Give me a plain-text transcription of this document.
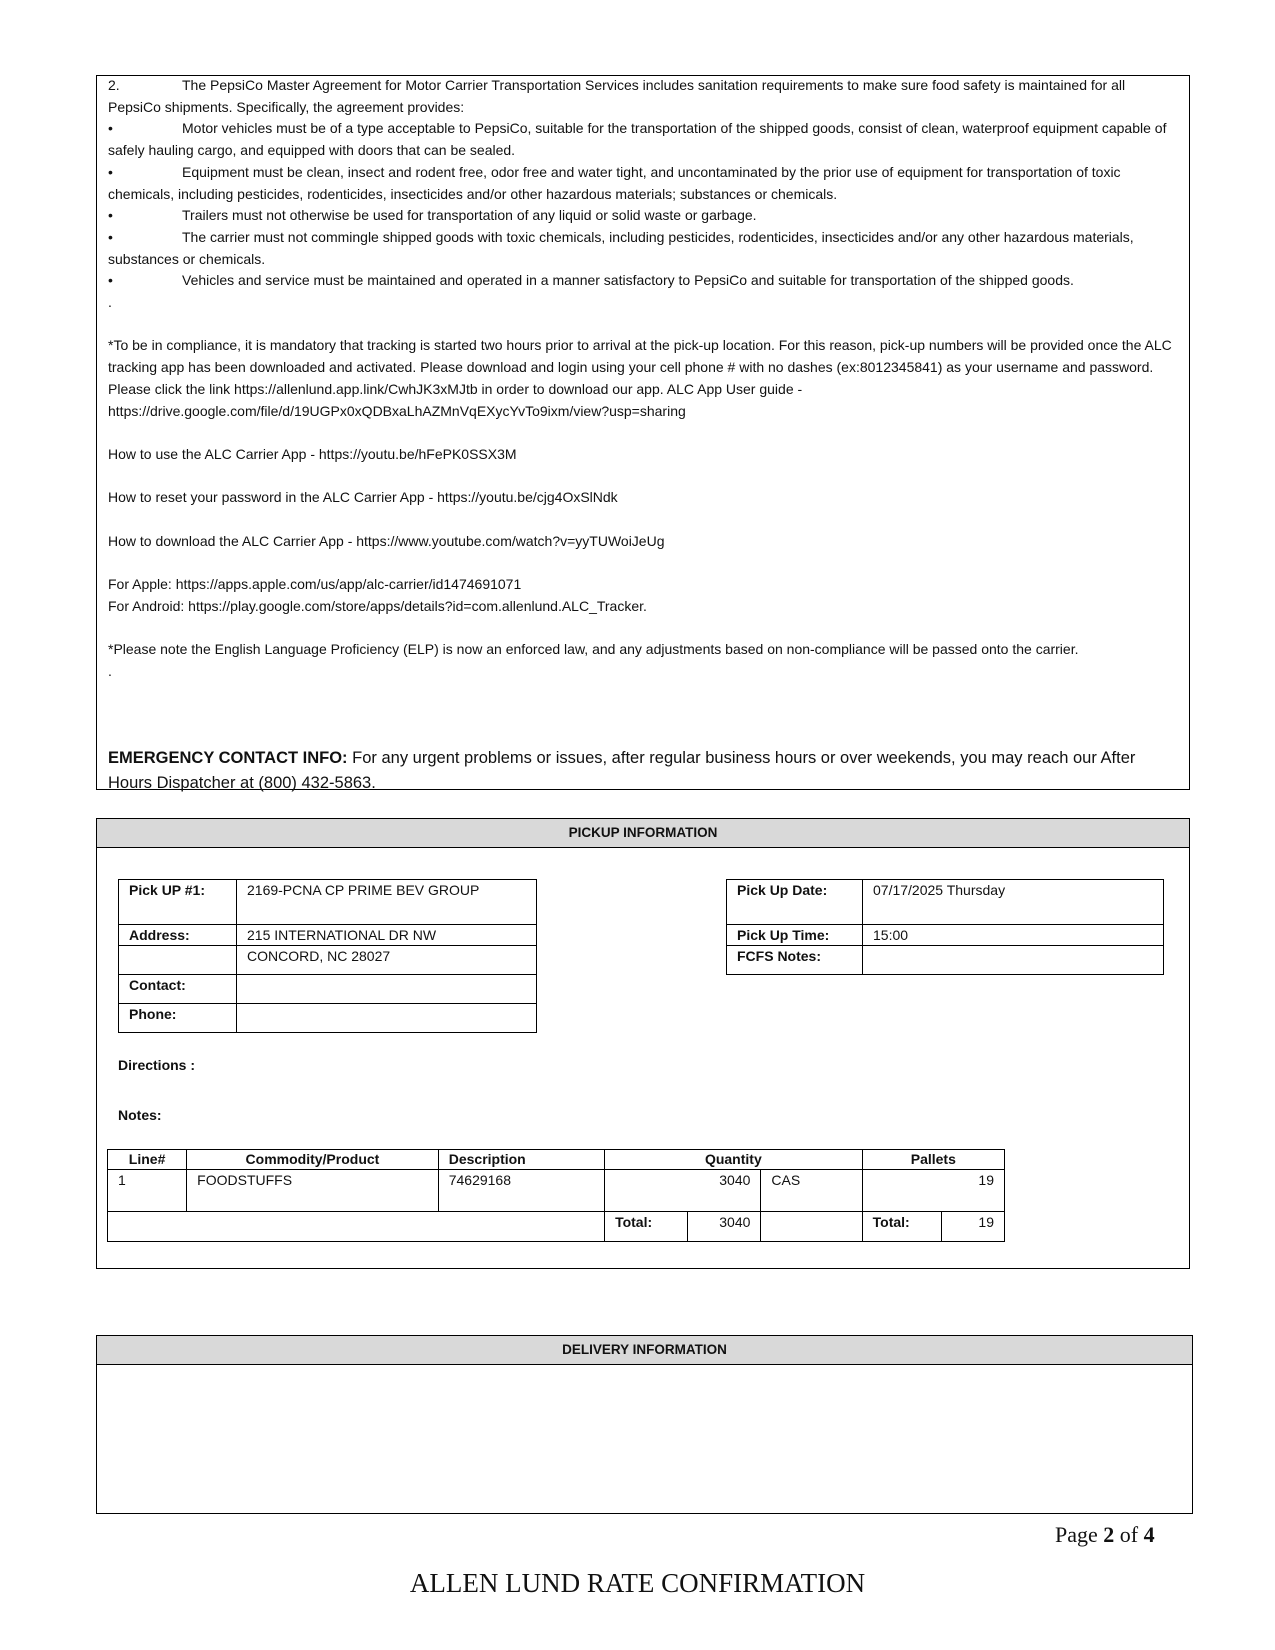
2.	The PepsiCo Master Agreement for Motor Carrier Transportation Services includes sanitation requirements to make sure food safety is maintained for all PepsiCo shipments. Specifically, the agreement provides:

•	Motor vehicles must be of a type acceptable to PepsiCo, suitable for the transportation of the shipped goods, consist of clean, waterproof equipment capable of safely hauling cargo, and equipped with doors that can be sealed.

•	Equipment must be clean, insect and rodent free, odor free and water tight, and uncontaminated by the prior use of equipment for transportation of toxic chemicals, including pesticides, rodenticides, insecticides and/or other hazardous materials; substances or chemicals.

•	Trailers must not otherwise be used for transportation of any liquid or solid waste or garbage.

•	The carrier must not commingle shipped goods with toxic chemicals, including pesticides, rodenticides, insecticides and/or any other hazardous materials, substances or chemicals.

•	Vehicles and service must be maintained and operated in a manner satisfactory to PepsiCo and suitable for transportation of the shipped goods.

.

*To be in compliance, it is mandatory that tracking is started two hours prior to arrival at the pick-up location. For this reason, pick-up numbers will be provided once the ALC tracking app has been downloaded and activated. Please download and login using your cell phone # with no dashes (ex:8012345841) as your username and password. Please click the link https://allenlund.app.link/CwhJK3xMJtb in order to download our app. ALC App User guide - https://drive.google.com/file/d/19UGPx0xQDBxaLhAZMnVqEXycYvTo9ixm/view?usp=sharing

How to use the ALC Carrier App - https://youtu.be/hFePK0SSX3M

How to reset your password in the ALC Carrier App - https://youtu.be/cjg4OxSlNdk

How to download the ALC Carrier App - https://www.youtube.com/watch?v=yyTUWoiJeUg

For Apple: https://apps.apple.com/us/app/alc-carrier/id1474691071

For Android: https://play.google.com/store/apps/details?id=com.allenlund.ALC_Tracker.

*Please note the English Language Proficiency (ELP) is now an enforced law, and any adjustments based on non-compliance will be passed onto the carrier.

.

EMERGENCY CONTACT INFO: For any urgent problems or issues, after regular business hours or over weekends, you may reach our After Hours Dispatcher at (800) 432-5863.
PICKUP INFORMATION
Pick UP #1:	2169-PCNA CP PRIME BEV GROUP
Address:	215 INTERNATIONAL DR NW
	CONCORD, NC 28027
Contact:	
Phone:	
Pick Up Date:	07/17/2025 Thursday
Pick Up Time:	15:00
FCFS Notes:	
Directions :
Notes:
Line#	Commodity/Product	Description	Quantity			Pallets	
1	FOODSTUFFS	74629168	3040		CAS	19	
			Total:	3040		Total:	19
DELIVERY INFORMATION
Page 2 of 4
ALLEN LUND RATE CONFIRMATION
